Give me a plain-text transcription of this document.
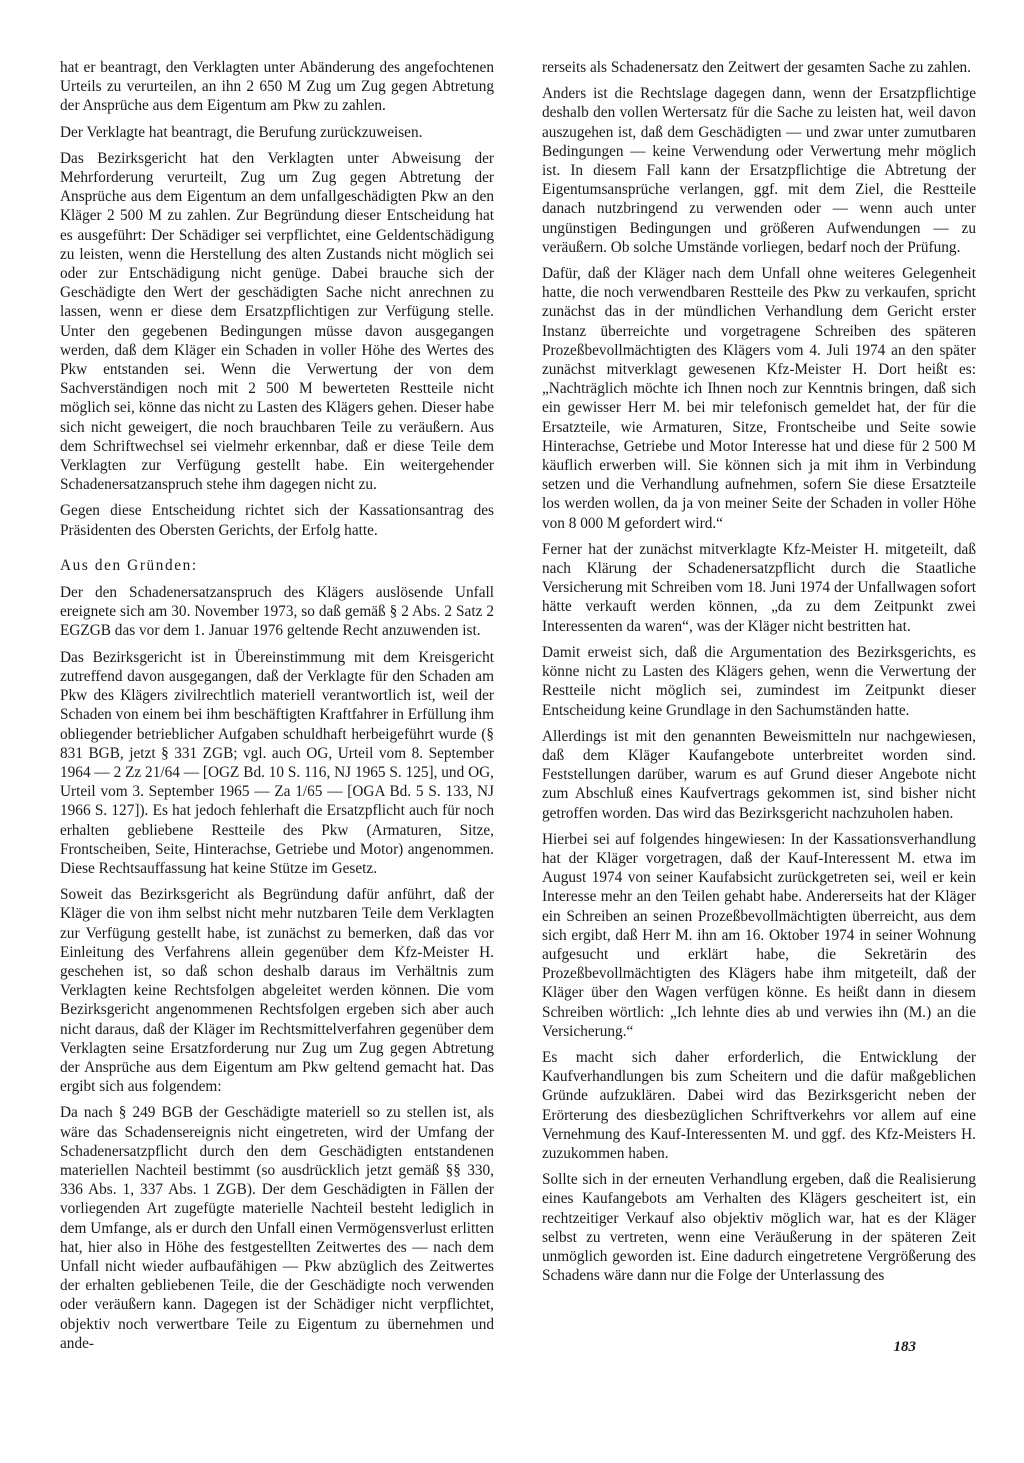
hat er beantragt, den Verklagten unter Abänderung des angefochtenen Urteils zu verurteilen, an ihn 2 650 M Zug um Zug gegen Abtretung der Ansprüche aus dem Eigentum am Pkw zu zahlen.

Der Verklagte hat beantragt, die Berufung zurückzuweisen.

Das Bezirksgericht hat den Verklagten unter Abweisung der Mehrforderung verurteilt, Zug um Zug gegen Abtretung der Ansprüche aus dem Eigentum an dem unfallgeschädigten Pkw an den Kläger 2 500 M zu zahlen. Zur Begründung dieser Entscheidung hat es ausgeführt: Der Schädiger sei verpflichtet, eine Geldentschädigung zu leisten, wenn die Herstellung des alten Zustands nicht möglich sei oder zur Entschädigung nicht genüge. Dabei brauche sich der Geschädigte den Wert der geschädigten Sache nicht anrechnen zu lassen, wenn er diese dem Ersatzpflichtigen zur Verfügung stelle. Unter den gegebenen Bedingungen müsse davon ausgegangen werden, daß dem Kläger ein Schaden in voller Höhe des Wertes des Pkw entstanden sei. Wenn die Verwertung der von dem Sachverständigen noch mit 2 500 M bewerteten Restteile nicht möglich sei, könne das nicht zu Lasten des Klägers gehen. Dieser habe sich nicht geweigert, die noch brauchbaren Teile zu veräußern. Aus dem Schriftwechsel sei vielmehr erkennbar, daß er diese Teile dem Verklagten zur Verfügung gestellt habe. Ein weitergehender Schadenersatzanspruch stehe ihm dagegen nicht zu.

Gegen diese Entscheidung richtet sich der Kassationsantrag des Präsidenten des Obersten Gerichts, der Erfolg hatte.

Aus den Gründen:

Der den Schadenersatzanspruch des Klägers auslösende Unfall ereignete sich am 30. November 1973, so daß gemäß § 2 Abs. 2 Satz 2 EGZGB das vor dem 1. Januar 1976 geltende Recht anzuwenden ist.

Das Bezirksgericht ist in Übereinstimmung mit dem Kreisgericht zutreffend davon ausgegangen, daß der Verklagte für den Schaden am Pkw des Klägers zivilrechtlich materiell verantwortlich ist, weil der Schaden von einem bei ihm beschäftigten Kraftfahrer in Erfüllung ihm obliegender betrieblicher Aufgaben schuldhaft herbeigeführt wurde (§ 831 BGB, jetzt § 331 ZGB; vgl. auch OG, Urteil vom 8. September 1964 — 2 Zz 21/64 — [OGZ Bd. 10 S. 116, NJ 1965 S. 125], und OG, Urteil vom 3. September 1965 — Za 1/65 — [OGA Bd. 5 S. 133, NJ 1966 S. 127]). Es hat jedoch fehlerhaft die Ersatzpflicht auch für noch erhalten gebliebene Restteile des Pkw (Armaturen, Sitze, Frontscheiben, Seite, Hinterachse, Getriebe und Motor) angenommen. Diese Rechtsauffassung hat keine Stütze im Gesetz.

Soweit das Bezirksgericht als Begründung dafür anführt, daß der Kläger die von ihm selbst nicht mehr nutzbaren Teile dem Verklagten zur Verfügung gestellt habe, ist zunächst zu bemerken, daß das vor Einleitung des Verfahrens allein gegenüber dem Kfz-Meister H. geschehen ist, so daß schon deshalb daraus im Verhältnis zum Verklagten keine Rechtsfolgen abgeleitet werden können. Die vom Bezirksgericht angenommenen Rechtsfolgen ergeben sich aber auch nicht daraus, daß der Kläger im Rechtsmittelverfahren gegenüber dem Verklagten seine Ersatzforderung nur Zug um Zug gegen Abtretung der Ansprüche aus dem Eigentum am Pkw geltend gemacht hat. Das ergibt sich aus folgendem:

Da nach § 249 BGB der Geschädigte materiell so zu stellen ist, als wäre das Schadensereignis nicht eingetreten, wird der Umfang der Schadenersatzpflicht durch den dem Geschädigten entstandenen materiellen Nachteil bestimmt (so ausdrücklich jetzt gemäß §§ 330, 336 Abs. 1, 337 Abs. 1 ZGB). Der dem Geschädigten in Fällen der vorliegenden Art zugefügte materielle Nachteil besteht lediglich in dem Umfange, als er durch den Unfall einen Vermögensverlust erlitten hat, hier also in Höhe des festgestellten Zeitwertes des — nach dem Unfall nicht wieder aufbaufähigen — Pkw abzüglich des Zeitwertes der erhalten gebliebenen Teile, die der Geschädigte noch verwenden oder veräußern kann. Dagegen ist der Schädiger nicht verpflichtet, objektiv noch verwertbare Teile zu Eigentum zu übernehmen und ande-

rerseits als Schadenersatz den Zeitwert der gesamten Sache zu zahlen.

Anders ist die Rechtslage dagegen dann, wenn der Ersatzpflichtige deshalb den vollen Wertersatz für die Sache zu leisten hat, weil davon auszugehen ist, daß dem Geschädigten — und zwar unter zumutbaren Bedingungen — keine Verwendung oder Verwertung mehr möglich ist. In diesem Fall kann der Ersatzpflichtige die Abtretung der Eigentumsansprüche verlangen, ggf. mit dem Ziel, die Restteile danach nutzbringend zu verwenden oder — wenn auch unter ungünstigen Bedingungen und größeren Aufwendungen — zu veräußern. Ob solche Umstände vorliegen, bedarf noch der Prüfung.

Dafür, daß der Kläger nach dem Unfall ohne weiteres Gelegenheit hatte, die noch verwendbaren Restteile des Pkw zu verkaufen, spricht zunächst das in der mündlichen Verhandlung dem Gericht erster Instanz überreichte und vorgetragene Schreiben des späteren Prozeßbevollmächtigten des Klägers vom 4. Juli 1974 an den später zunächst mitverklagt gewesenen Kfz-Meister H. Dort heißt es: „Nachträglich möchte ich Ihnen noch zur Kenntnis bringen, daß sich ein gewisser Herr M. bei mir telefonisch gemeldet hat, der für die Ersatzteile, wie Armaturen, Sitze, Frontscheibe und Seite sowie Hinterachse, Getriebe und Motor Interesse hat und diese für 2 500 M käuflich erwerben will. Sie können sich ja mit ihm in Verbindung setzen und die Verhandlung aufnehmen, sofern Sie diese Ersatzteile los werden wollen, da ja von meiner Seite der Schaden in voller Höhe von 8 000 M gefordert wird.“

Ferner hat der zunächst mitverklagte Kfz-Meister H. mitgeteilt, daß nach Klärung der Schadenersatzpflicht durch die Staatliche Versicherung mit Schreiben vom 18. Juni 1974 der Unfallwagen sofort hätte verkauft werden können, „da zu dem Zeitpunkt zwei Interessenten da waren“, was der Kläger nicht bestritten hat.

Damit erweist sich, daß die Argumentation des Bezirksgerichts, es könne nicht zu Lasten des Klägers gehen, wenn die Verwertung der Restteile nicht möglich sei, zumindest im Zeitpunkt dieser Entscheidung keine Grundlage in den Sachumständen hatte.

Allerdings ist mit den genannten Beweismitteln nur nachgewiesen, daß dem Kläger Kaufangebote unterbreitet worden sind. Feststellungen darüber, warum es auf Grund dieser Angebote nicht zum Abschluß eines Kaufvertrags gekommen ist, sind bisher nicht getroffen worden. Das wird das Bezirksgericht nachzuholen haben.

Hierbei sei auf folgendes hingewiesen: In der Kassationsverhandlung hat der Kläger vorgetragen, daß der Kauf-Interessent M. etwa im August 1974 von seiner Kaufabsicht zurückgetreten sei, weil er kein Interesse mehr an den Teilen gehabt habe. Andererseits hat der Kläger ein Schreiben an seinen Prozeßbevollmächtigten überreicht, aus dem sich ergibt, daß Herr M. ihn am 16. Oktober 1974 in seiner Wohnung aufgesucht und erklärt habe, die Sekretärin des Prozeßbevollmächtigten des Klägers habe ihm mitgeteilt, daß der Kläger über den Wagen verfügen könne. Es heißt dann in diesem Schreiben wörtlich: „Ich lehnte dies ab und verwies ihn (M.) an die Versicherung.“

Es macht sich daher erforderlich, die Entwicklung der Kaufverhandlungen bis zum Scheitern und die dafür maßgeblichen Gründe aufzuklären. Dabei wird das Bezirksgericht neben der Erörterung des diesbezüglichen Schriftverkehrs vor allem auf eine Vernehmung des Kauf-Interessenten M. und ggf. des Kfz-Meisters H. zuzukommen haben.

Sollte sich in der erneuten Verhandlung ergeben, daß die Realisierung eines Kaufangebots am Verhalten des Klägers gescheitert ist, ein rechtzeitiger Verkauf also objektiv möglich war, hat es der Kläger selbst zu vertreten, wenn eine Veräußerung in der späteren Zeit unmöglich geworden ist. Eine dadurch eingetretene Vergrößerung des Schadens wäre dann nur die Folge der Unterlassung des

183
